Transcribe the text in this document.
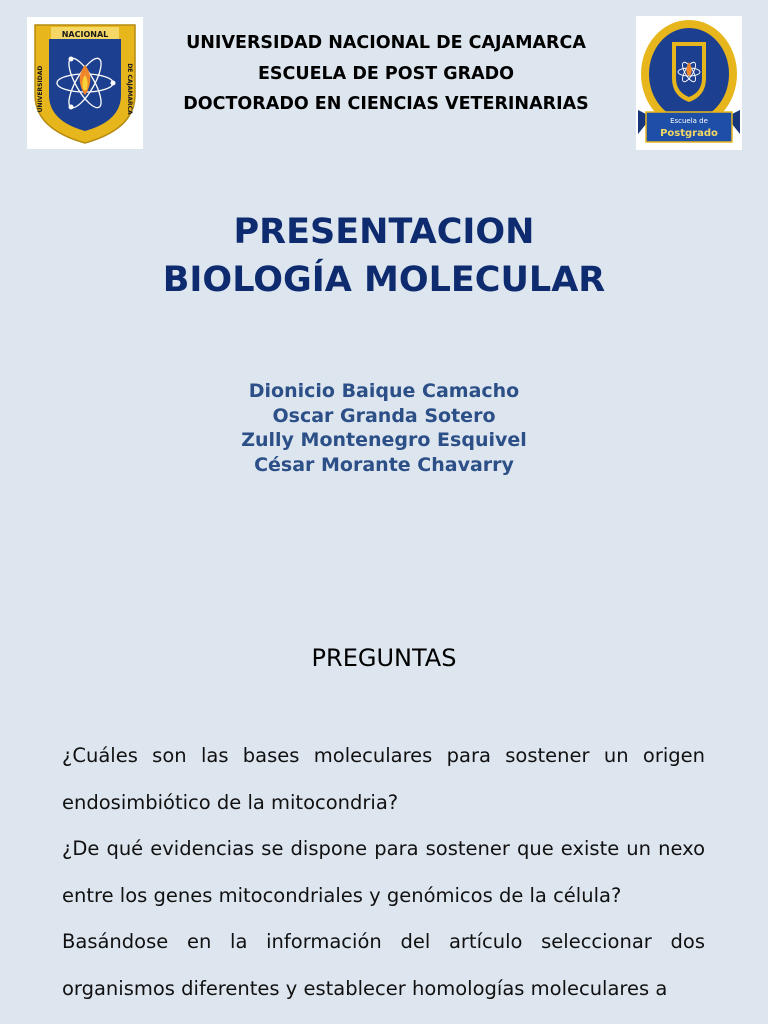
NACIONAL
UNIVERSIDAD	DE CAJAMARCA
UNIVERSIDAD NACIONAL DE CAJAMARCA
ESCUELA DE POST GRADO
DOCTORADO EN CIENCIAS VETERINARIAS
Escuela de
Postgrado
PRESENTACION
BIOLOGÍA MOLECULAR
Dionicio Baique Camacho
Oscar Granda Sotero
Zully Montenegro Esquivel
César Morante Chavarry
PREGUNTAS

¿Cuáles son las bases moleculares para sostener un origen endosimbiótico de la mitocondria?

¿De qué evidencias se dispone para sostener que existe un nexo entre los genes mitocondriales y genómicos de la célula?

Basándose en la información del artículo seleccionar dos organismos diferentes y establecer homologías moleculares a
